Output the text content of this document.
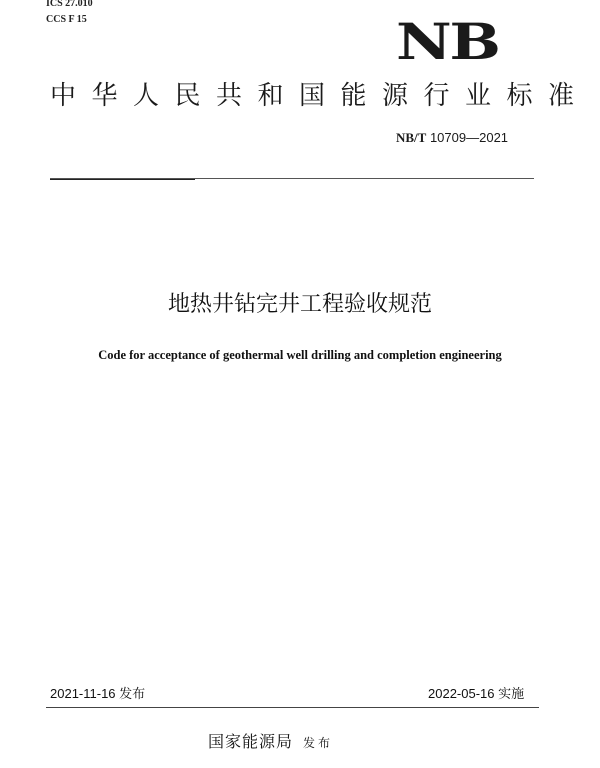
ICS 27.010
CCS F 15	NB
中华人民共和国能源行业标准
NB/T 10709—2021
地热井钻完井工程验收规范
Code for acceptance of geothermal well drilling and completion engineering
2021-11-16 发布	2022-05-16 实施
国家能源局 发布
